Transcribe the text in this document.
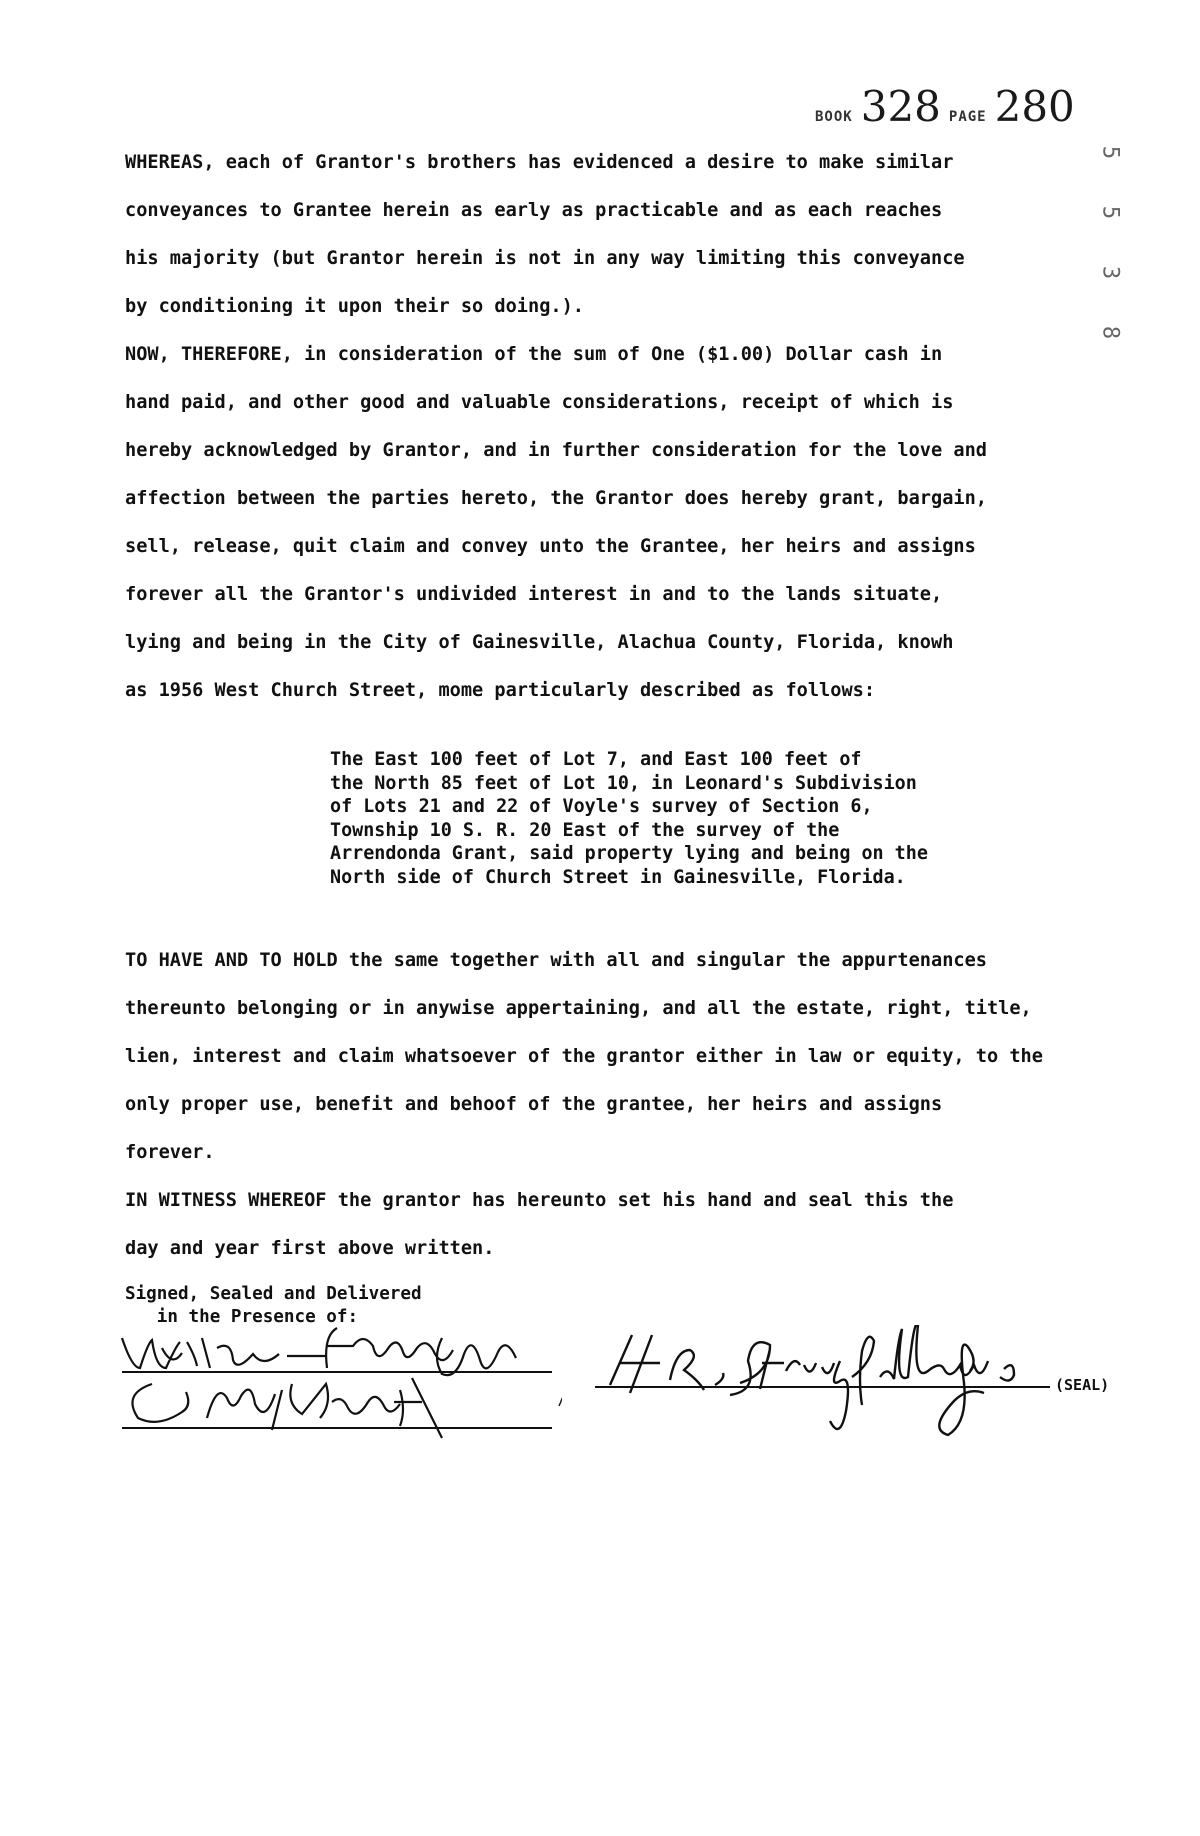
BOOK 328 PAGE 280
5
5
3
8
WHEREAS, each of Grantor's brothers has evidenced a desire to make similar
conveyances to Grantee herein as early as practicable and as each reaches
his majority (but Grantor herein is not in any way limiting this conveyance
by conditioning it upon their so doing.).
NOW, THEREFORE, in consideration of the sum of One ($1.00) Dollar cash in
hand paid, and other good and valuable considerations, receipt of which is
hereby acknowledged by Grantor, and in further consideration for the love and
affection between the parties hereto, the Grantor does hereby grant, bargain,
sell, release, quit claim and convey unto the Grantee, her heirs and assigns
forever all the Grantor's undivided interest in and to the lands situate,
lying and being in the City of Gainesville, Alachua County, Florida, knowh
as 1956 West Church Street, mome particularly described as follows:
The East 100 feet of Lot 7, and East 100 feet of
the North 85 feet of Lot 10, in Leonard's Subdivision
of Lots 21 and 22 of Voyle's survey of Section 6,
Township 10 S. R. 20 East of the survey of the
Arrendonda Grant, said property lying and being on the
North side of Church Street in Gainesville, Florida.
TO HAVE AND TO HOLD the same together with all and singular the appurtenances
thereunto belonging or in anywise appertaining, and all the estate, right, title,
lien, interest and claim whatsoever of the grantor either in law or equity, to the
only proper use, benefit and behoof of the grantee, her heirs and assigns
forever.
IN WITNESS WHEREOF the grantor has hereunto set his hand and seal this the
day and year first above written.
Signed, Sealed and Delivered
in the Presence of:
(SEAL)
